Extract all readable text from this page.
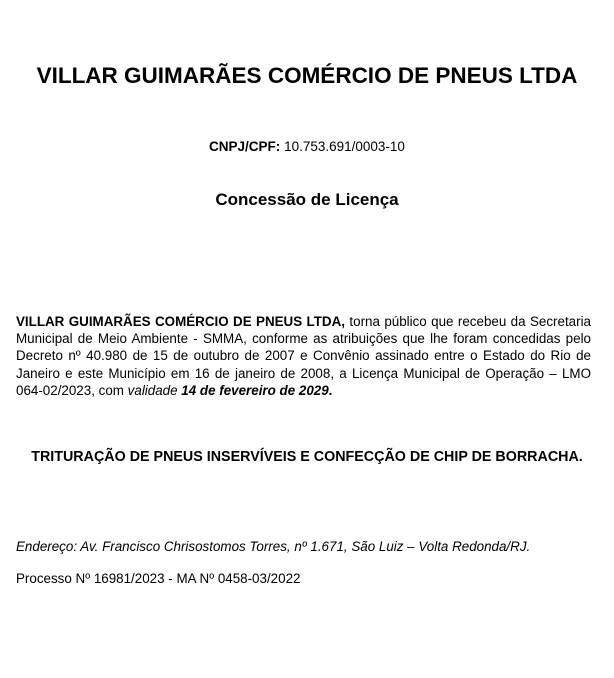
VILLAR GUIMARÃES COMÉRCIO DE PNEUS LTDA

CNPJ/CPF: 10.753.691/0003-10

Concessão de Licença

VILLAR GUIMARÃES COMÉRCIO DE PNEUS LTDA, torna público que recebeu da Secretaria Municipal de Meio Ambiente - SMMA, conforme as atribuições que lhe foram concedidas pelo Decreto nº 40.980 de 15 de outubro de 2007 e Convênio assinado entre o Estado do Rio de Janeiro e este Município em 16 de janeiro de 2008, a Licença Municipal de Operação – LMO 064-02/2023, com validade 14 de fevereiro de 2029.

TRITURAÇÃO DE PNEUS INSERVÍVEIS E CONFECÇÃO DE CHIP DE BORRACHA.

Endereço: Av. Francisco Chrisostomos Torres, nº 1.671, São Luiz – Volta Redonda/RJ.

Processo Nº 16981/2023 - MA Nº 0458-03/2022
